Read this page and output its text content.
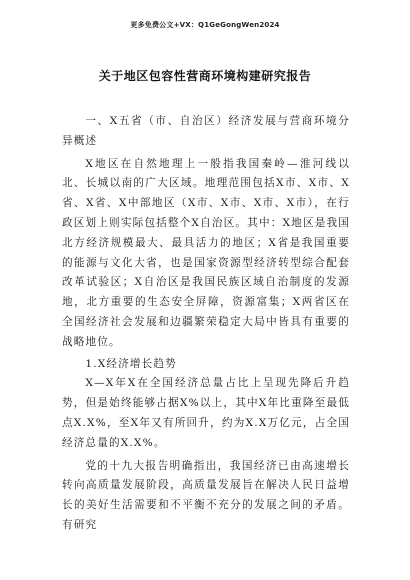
更多免费公文+VX：Q1GeGongWen2024
关于地区包容性营商环境构建研究报告

一、X五省（市、自治区）经济发展与营商环境分异概述

X地区在自然地理上一般指我国秦岭—淮河线以北、长城以南的广大区域。地理范围包括X市、X市、X省、X省、X中部地区（X市、X市、X市、X市），在行政区划上则实际包括整个X自治区。其中：X地区是我国北方经济规模最大、最具活力的地区；X省是我国重要的能源与文化大省，也是国家资源型经济转型综合配套改革试验区；X自治区是我国民族区域自治制度的发源地，北方重要的生态安全屏障，资源富集；X两省区在全国经济社会发展和边疆繁荣稳定大局中皆具有重要的战略地位。

1.X经济增长趋势

X—X年X在全国经济总量占比上呈现先降后升趋势，但是始终能够占据X%以上，其中X年比重降至最低点X.X%，至X年又有所回升，约为X.X万亿元，占全国经济总量的X.X%。

党的十九大报告明确指出，我国经济已由高速增长转向高质量发展阶段，高质量发展旨在解决人民日益增长的美好生活需要和不平衡不充分的发展之间的矛盾。有研究
